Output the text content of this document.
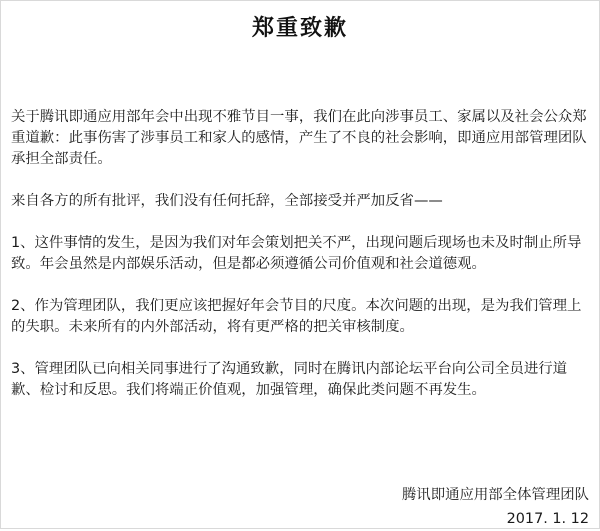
郑重致歉

关于腾讯即通应用部年会中出现不雅节目一事，我们在此向涉事员工、家属以及社会公众郑重道歉：此事伤害了涉事员工和家人的感情，产生了不良的社会影响，即通应用部管理团队承担全部责任。

来自各方的所有批评，我们没有任何托辞，全部接受并严加反省——

1、这件事情的发生，是因为我们对年会策划把关不严，出现问题后现场也未及时制止所导致。年会虽然是内部娱乐活动，但是都必须遵循公司价值观和社会道德观。

2、作为管理团队，我们更应该把握好年会节目的尺度。本次问题的出现，是为我们管理上的失职。未来所有的内外部活动，将有更严格的把关审核制度。

3、管理团队已向相关同事进行了沟通致歉，同时在腾讯内部论坛平台向公司全员进行道歉、检讨和反思。我们将端正价值观，加强管理，确保此类问题不再发生。

腾讯即通应用部全体管理团队
2017. 1. 12
